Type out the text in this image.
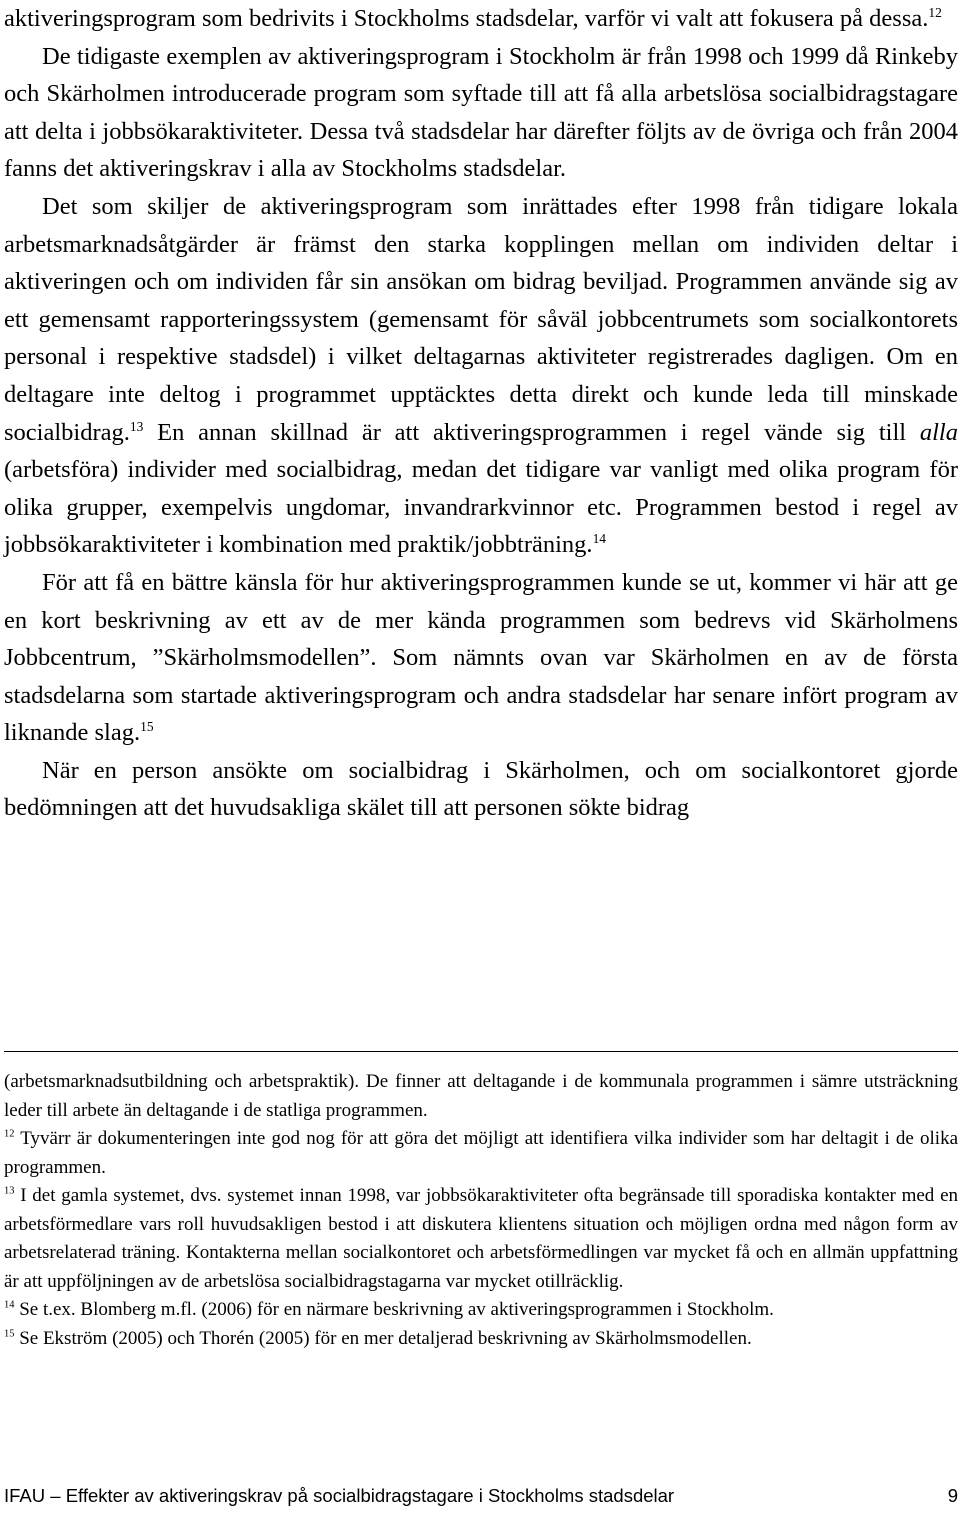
aktiveringsprogram som bedrivits i Stockholms stadsdelar, varför vi valt att fokusera på dessa.$^{12}$

De tidigaste exemplen av aktiveringsprogram i Stockholm är från 1998 och 1999 då Rinkeby och Skärholmen introducerade program som syftade till att få alla arbetslösa socialbidragstagare att delta i jobbsökaraktiviteter. Dessa två stadsdelar har därefter följts av de övriga och från 2004 fanns det aktiveringskrav i alla av Stockholms stadsdelar.

Det som skiljer de aktiveringsprogram som inrättades efter 1998 från tidigare lokala arbetsmarknadsåtgärder är främst den starka kopplingen mellan om individen deltar i aktiveringen och om individen får sin ansökan om bidrag beviljad. Programmen använde sig av ett gemensamt rapporteringssystem (gemensamt för såväl jobbcentrumets som socialkontorets personal i respektive stadsdel) i vilket deltagarnas aktiviteter registrerades dagligen. Om en deltagare inte deltog i programmet upptäcktes detta direkt och kunde leda till minskade socialbidrag.$^{13}$ En annan skillnad är att aktiveringsprogrammen i regel vände sig till alla (arbetsföra) individer med socialbidrag, medan det tidigare var vanligt med olika program för olika grupper, exempelvis ungdomar, invandrarkvinnor etc. Programmen bestod i regel av jobbsökaraktiviteter i kombination med praktik/jobbträning.$^{14}$

För att få en bättre känsla för hur aktiveringsprogrammen kunde se ut, kommer vi här att ge en kort beskrivning av ett av de mer kända programmen som bedrevs vid Skärholmens Jobbcentrum, ”Skärholmsmodellen”. Som nämnts ovan var Skärholmen en av de första stadsdelarna som startade aktiveringsprogram och andra stadsdelar har senare infört program av liknande slag.$^{15}$

När en person ansökte om socialbidrag i Skärholmen, och om socialkontoret gjorde bedömningen att det huvudsakliga skälet till att personen sökte bidrag

(arbetsmarknadsutbildning och arbetspraktik). De finner att deltagande i de kommunala programmen i sämre utsträckning leder till arbete än deltagande i de statliga programmen.

$^{12}$ Tyvärr är dokumenteringen inte god nog för att göra det möjligt att identifiera vilka individer som har deltagit i de olika programmen.

$^{13}$ I det gamla systemet, dvs. systemet innan 1998, var jobbsökaraktiviteter ofta begränsade till sporadiska kontakter med en arbetsförmedlare vars roll huvudsakligen bestod i att diskutera klientens situation och möjligen ordna med någon form av arbetsrelaterad träning. Kontakterna mellan socialkontoret och arbetsförmedlingen var mycket få och en allmän uppfattning är att uppföljningen av de arbetslösa socialbidragstagarna var mycket otillräcklig.

$^{14}$ Se t.ex. Blomberg m.fl. (2006) för en närmare beskrivning av aktiveringsprogrammen i Stockholm.

$^{15}$ Se Ekström (2005) och Thorén (2005) för en mer detaljerad beskrivning av Skärholmsmodellen.

IFAU – Effekter av aktiveringskrav på socialbidragstagare i Stockholms stadsdelar	9
